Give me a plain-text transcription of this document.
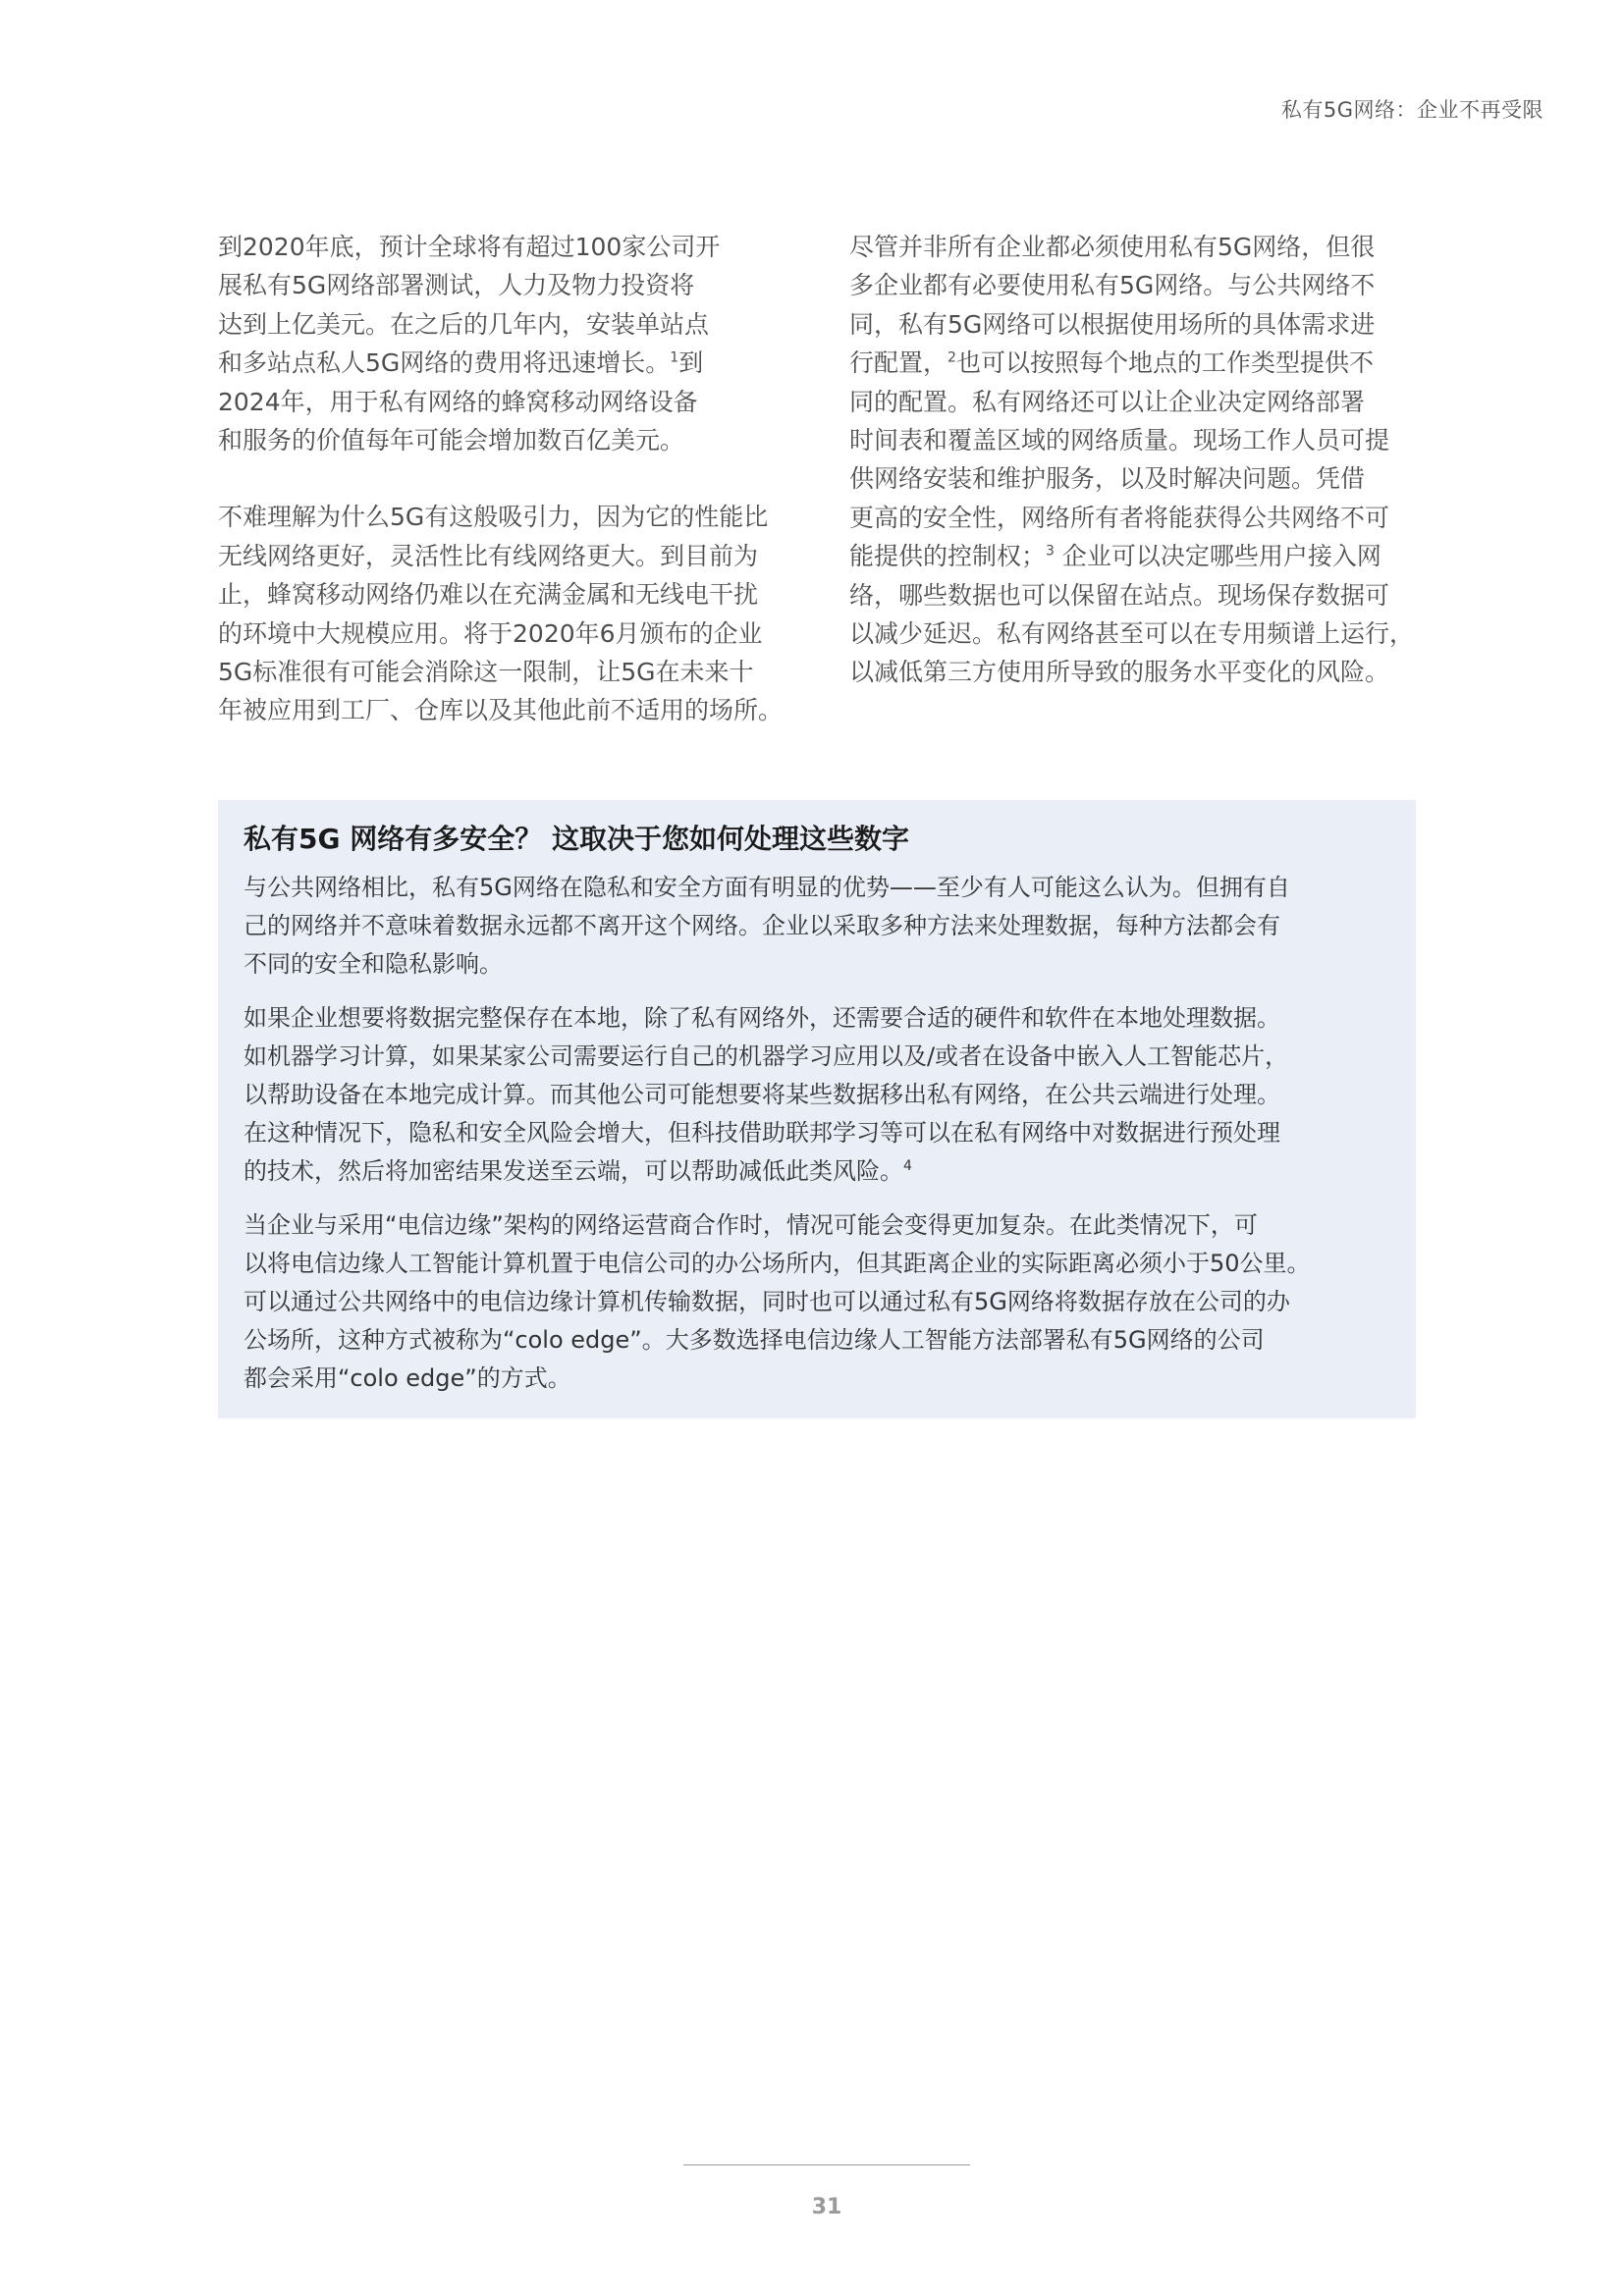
私有5G网络：企业不再受限

到2020年底，预计全球将有超过100家公司开
展私有5G网络部署测试，人力及物力投资将
达到上亿美元。在之后的几年内，安装单站点
和多站点私人5G网络的费用将迅速增长。$^1$到
2024年，用于私有网络的蜂窝移动网络设备
和服务的价值每年可能会增加数百亿美元。

不难理解为什么5G有这般吸引力，因为它的性能比
无线网络更好，灵活性比有线网络更大。到目前为
止，蜂窝移动网络仍难以在充满金属和无线电干扰
的环境中大规模应用。将于2020年6月颁布的企业
5G标准很有可能会消除这一限制，让5G在未来十
年被应用到工厂、仓库以及其他此前不适用的场所。

尽管并非所有企业都必须使用私有5G网络，但很
多企业都有必要使用私有5G网络。与公共网络不
同，私有5G网络可以根据使用场所的具体需求进
行配置，$^2$也可以按照每个地点的工作类型提供不
同的配置。私有网络还可以让企业决定网络部署
时间表和覆盖区域的网络质量。现场工作人员可提
供网络安装和维护服务，以及时解决问题。凭借
更高的安全性，网络所有者将能获得公共网络不可
能提供的控制权；$^3$ 企业可以决定哪些用户接入网
络，哪些数据也可以保留在站点。现场保存数据可
以减少延迟。私有网络甚至可以在专用频谱上运行，
以减低第三方使用所导致的服务水平变化的风险。

私有5G 网络有多安全？ 这取决于您如何处理这些数字

与公共网络相比，私有5G网络在隐私和安全方面有明显的优势——至少有人可能这么认为。但拥有自
己的网络并不意味着数据永远都不离开这个网络。企业以采取多种方法来处理数据，每种方法都会有
不同的安全和隐私影响。

如果企业想要将数据完整保存在本地，除了私有网络外，还需要合适的硬件和软件在本地处理数据。
如机器学习计算，如果某家公司需要运行自己的机器学习应用以及/或者在设备中嵌入人工智能芯片，
以帮助设备在本地完成计算。而其他公司可能想要将某些数据移出私有网络，在公共云端进行处理。
在这种情况下，隐私和安全风险会增大，但科技借助联邦学习等可以在私有网络中对数据进行预处理
的技术，然后将加密结果发送至云端，可以帮助减低此类风险。$^4$

当企业与采用“电信边缘”架构的网络运营商合作时，情况可能会变得更加复杂。在此类情况下，可
以将电信边缘人工智能计算机置于电信公司的办公场所内，但其距离企业的实际距离必须小于50公里。
可以通过公共网络中的电信边缘计算机传输数据，同时也可以通过私有5G网络将数据存放在公司的办
公场所，这种方式被称为“colo edge”。大多数选择电信边缘人工智能方法部署私有5G网络的公司
都会采用“colo edge”的方式。

31
